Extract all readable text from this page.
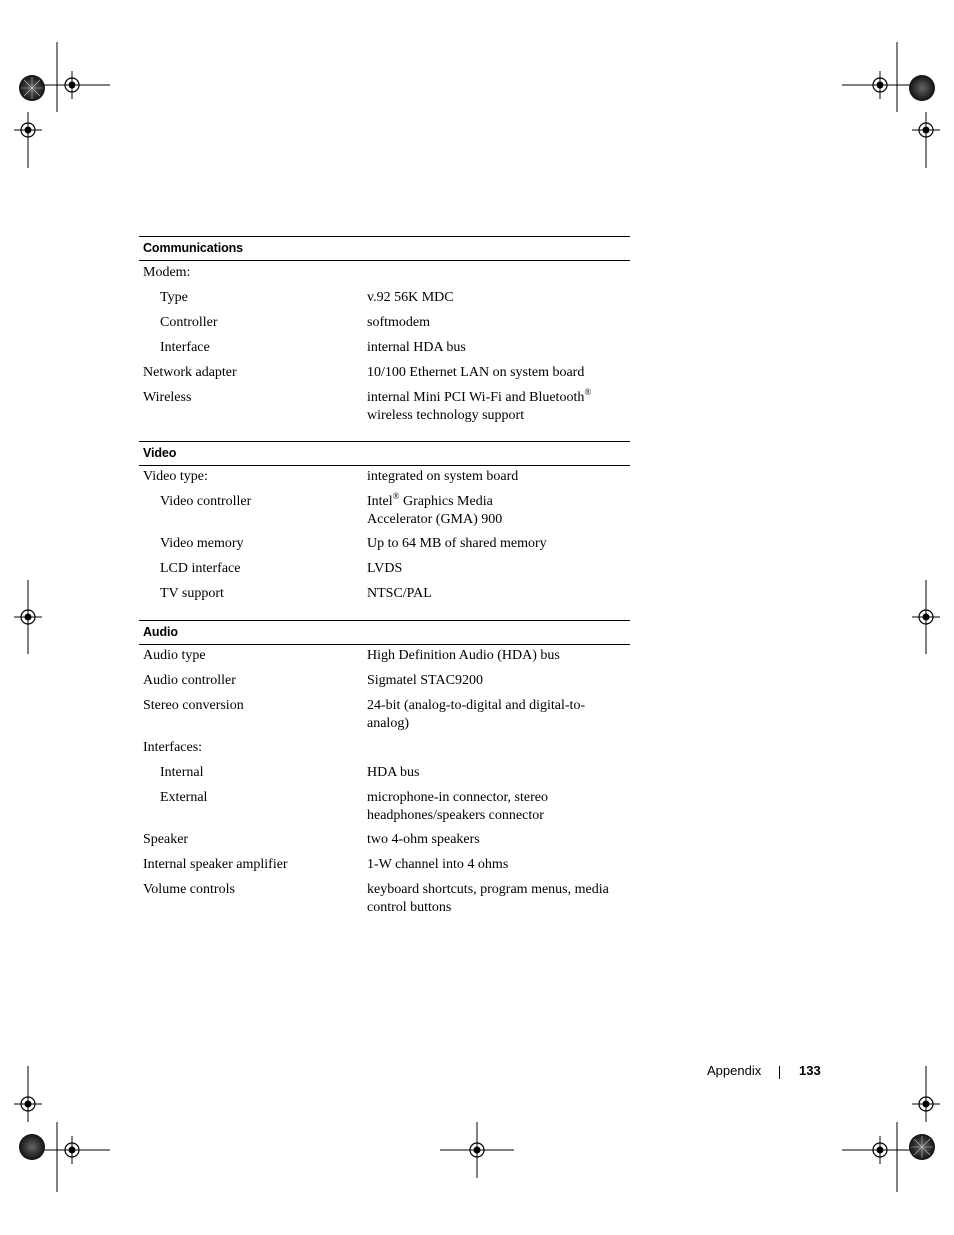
Communications
Modem:
Type	v.92 56K MDC
Controller	softmodem
Interface	internal HDA bus
Network adapter	10/100 Ethernet LAN on system board
Wireless	internal Mini PCI Wi-Fi and Bluetooth®
wireless technology support
Video
Video type:	integrated on system board
Video controller	Intel® Graphics Media
Accelerator (GMA) 900
Video memory	Up to 64 MB of shared memory
LCD interface	LVDS
TV support	NTSC/PAL
Audio
Audio type	High Definition Audio (HDA) bus
Audio controller	Sigmatel STAC9200
Stereo conversion	24-bit (analog-to-digital and digital-to-analog)
Interfaces:
Internal	HDA bus
External	microphone-in connector, stereo headphones/speakers connector
Speaker	two 4-ohm speakers
Internal speaker amplifier	1-W channel into 4 ohms
Volume controls	keyboard shortcuts, program menus, media control buttons
Appendix	133
